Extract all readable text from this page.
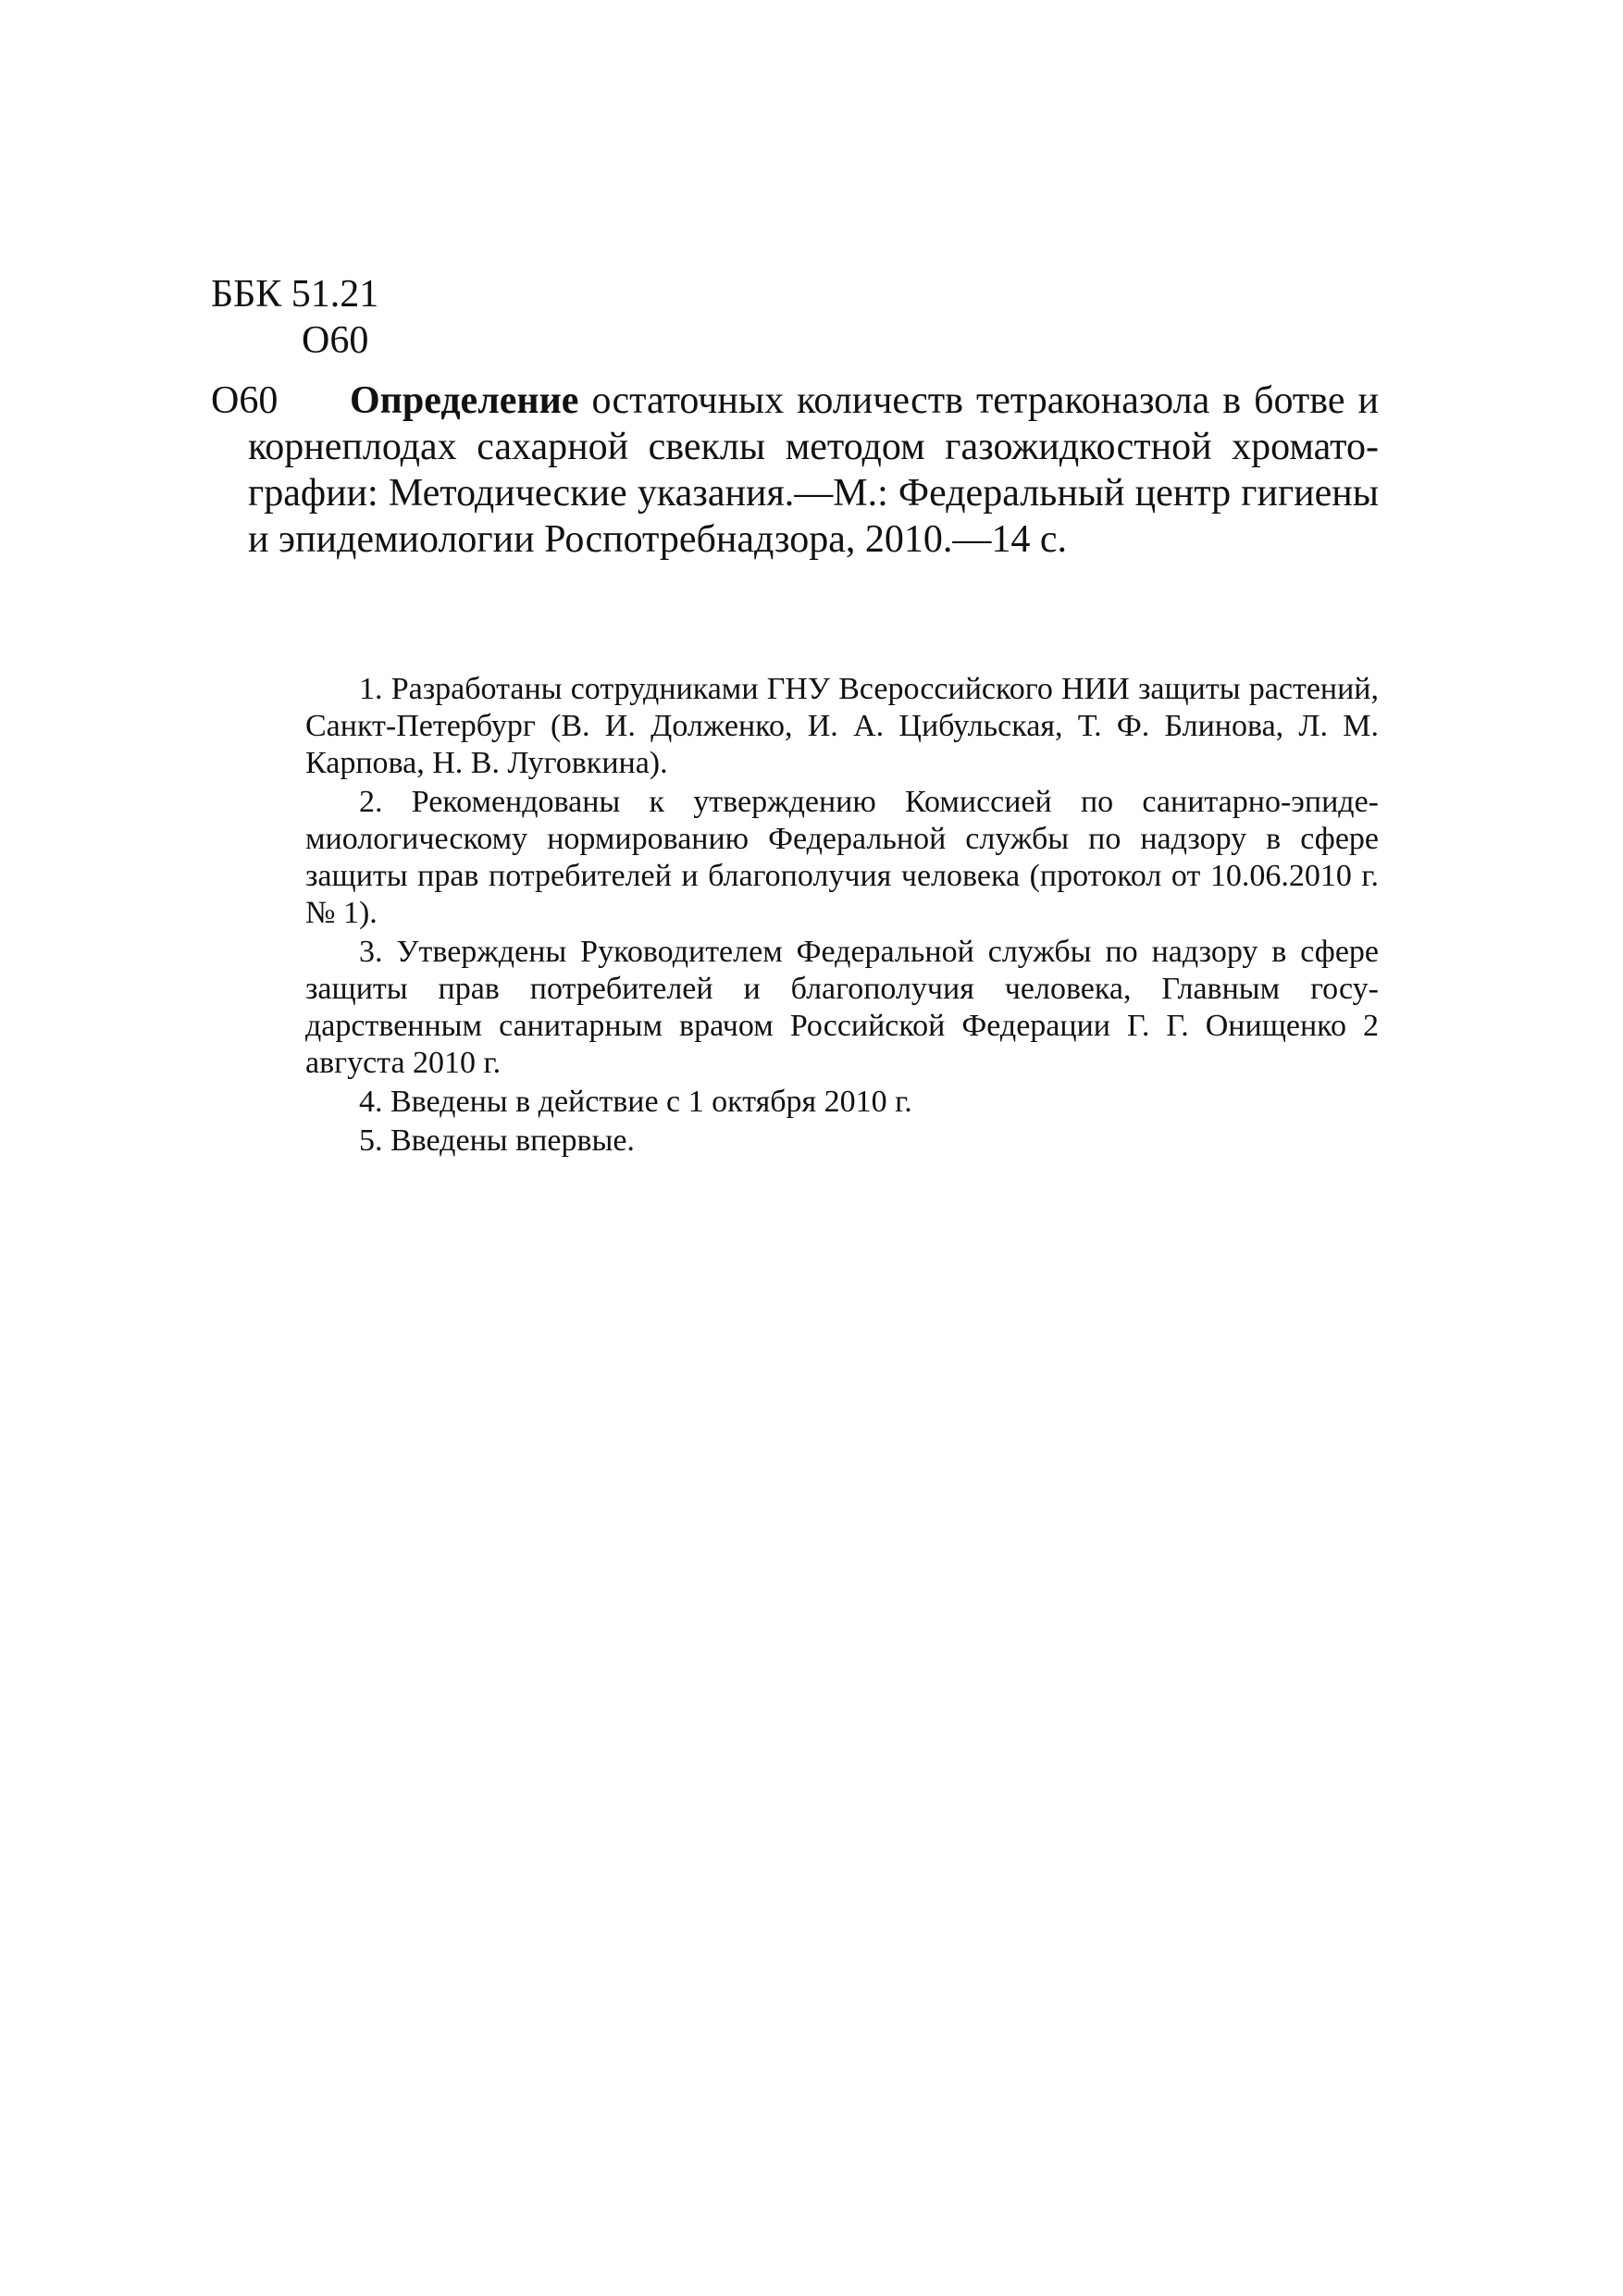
ББК 51.21
О60
О60	Определение остаточных количеств тетраконазола в ботве и корнеплодах сахарной свеклы методом газожидкостной хроматографии: Методические указания.—М.: Федеральный центр гигиены и эпидемиологии Роспотребнадзора, 2010.—14 с.

1. Разработаны сотрудниками ГНУ Всероссийского НИИ защиты растений, Санкт-Петербург (В. И. Долженко, И. А. Цибульская, Т. Ф. Блинова, Л. М. Карпова, Н. В. Луговкина).

2. Рекомендованы к утверждению Комиссией по санитарно-эпидемиологическому нормированию Федеральной службы по надзору в сфере защиты прав потребителей и благополучия человека (протокол от 10.06.2010 г. № 1).

3. Утверждены Руководителем Федеральной службы по надзору в сфере защиты прав потребителей и благополучия человека, Главным государственным санитарным врачом Российской Федерации Г. Г. Онищенко 2 августа 2010 г.

4. Введены в действие с 1 октября 2010 г.

5. Введены впервые.
